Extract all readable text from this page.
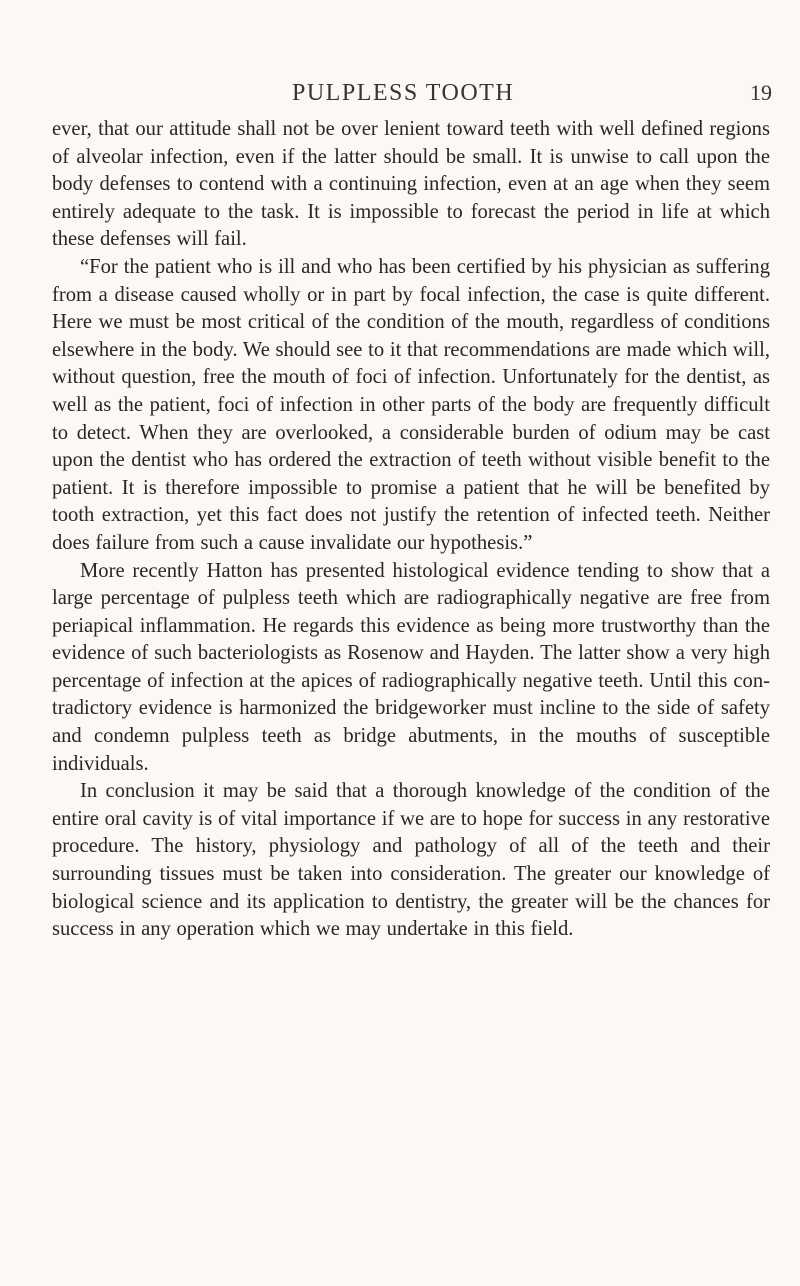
PULPLESS TOOTH	19

ever, that our attitude shall not be over lenient toward teeth with well defined regions of alveolar infection, even if the latter should be small. It is unwise to call upon the body defenses to contend with a continuing infection, even at an age when they seem entirely adequate to the task. It is impossible to forecast the period in life at which these defenses will fail.

“For the patient who is ill and who has been certified by his physician as suffering from a disease caused wholly or in part by focal infection, the case is quite different. Here we must be most critical of the condition of the mouth, regardless of conditions elsewhere in the body. We should see to it that recommendations are made which will, without question, free the mouth of foci of infection. Unfortunately for the dentist, as well as the patient, foci of infection in other parts of the body are frequently difficult to detect. When they are overlooked, a considerable burden of odium may be cast upon the dentist who has ordered the extraction of teeth without visible benefit to the patient. It is therefore impossible to promise a patient that he will be benefited by tooth extraction, yet this fact does not justify the retention of infected teeth. Neither does failure from such a cause invalidate our hypothesis.”

More recently Hatton has presented histological evidence tending to show that a large percentage of pulpless teeth which are radiographically negative are free from periapical inflammation. He regards this evidence as being more trustworthy than the evidence of such bacteriologists as Rosenow and Hayden. The latter show a very high percentage of infection at the apices of radiographically negative teeth. Until this contradictory evidence is harmonized the bridgeworker must incline to the side of safety and condemn pulpless teeth as bridge abutments, in the mouths of susceptible individuals.

In conclusion it may be said that a thorough knowledge of the condition of the entire oral cavity is of vital importance if we are to hope for success in any restorative procedure. The history, physiology and pathology of all of the teeth and their surrounding tissues must be taken into consideration. The greater our knowledge of biological science and its application to dentistry, the greater will be the chances for success in any operation which we may undertake in this field.
